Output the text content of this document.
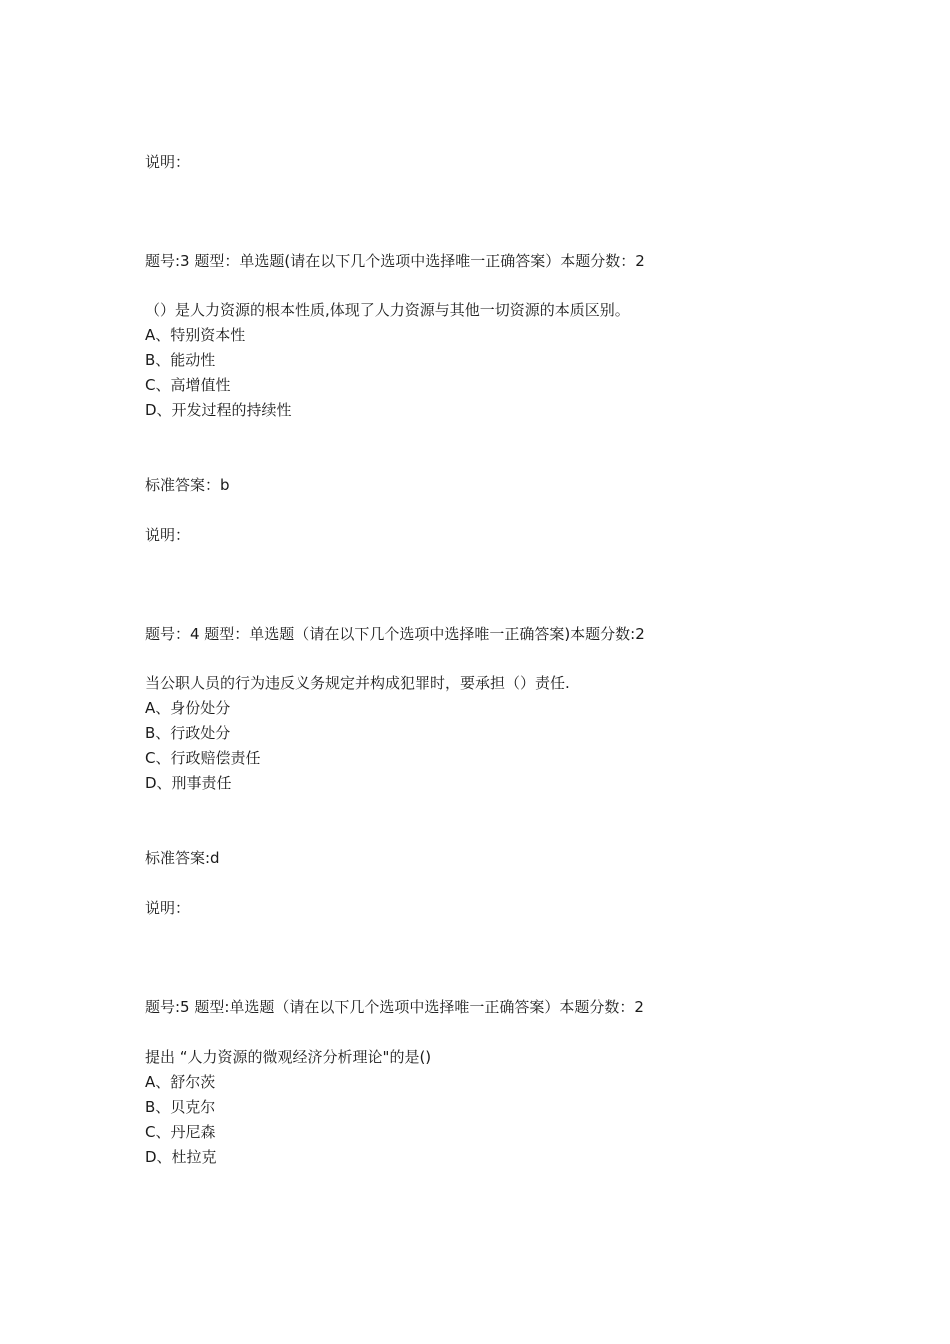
说明：
题号:3 题型：单选题(请在以下几个选项中选择唯一正确答案）本题分数：2
（）是人力资源的根本性质,体现了人力资源与其他一切资源的本质区别。
A、特别资本性
B、能动性
C、高增值性
D、开发过程的持续性
标准答案：b
说明：
题号：4 题型：单选题（请在以下几个选项中选择唯一正确答案)本题分数:2
当公职人员的行为违反义务规定并构成犯罪时，要承担（）责任.
A、身份处分
B、行政处分
C、行政赔偿责任
D、刑事责任
标准答案:d
说明：
题号:5 题型:单选题（请在以下几个选项中选择唯一正确答案）本题分数：2
提出 “人力资源的微观经济分析理论"的是()
A、舒尔茨
B、贝克尔
C、丹尼森
D、杜拉克
